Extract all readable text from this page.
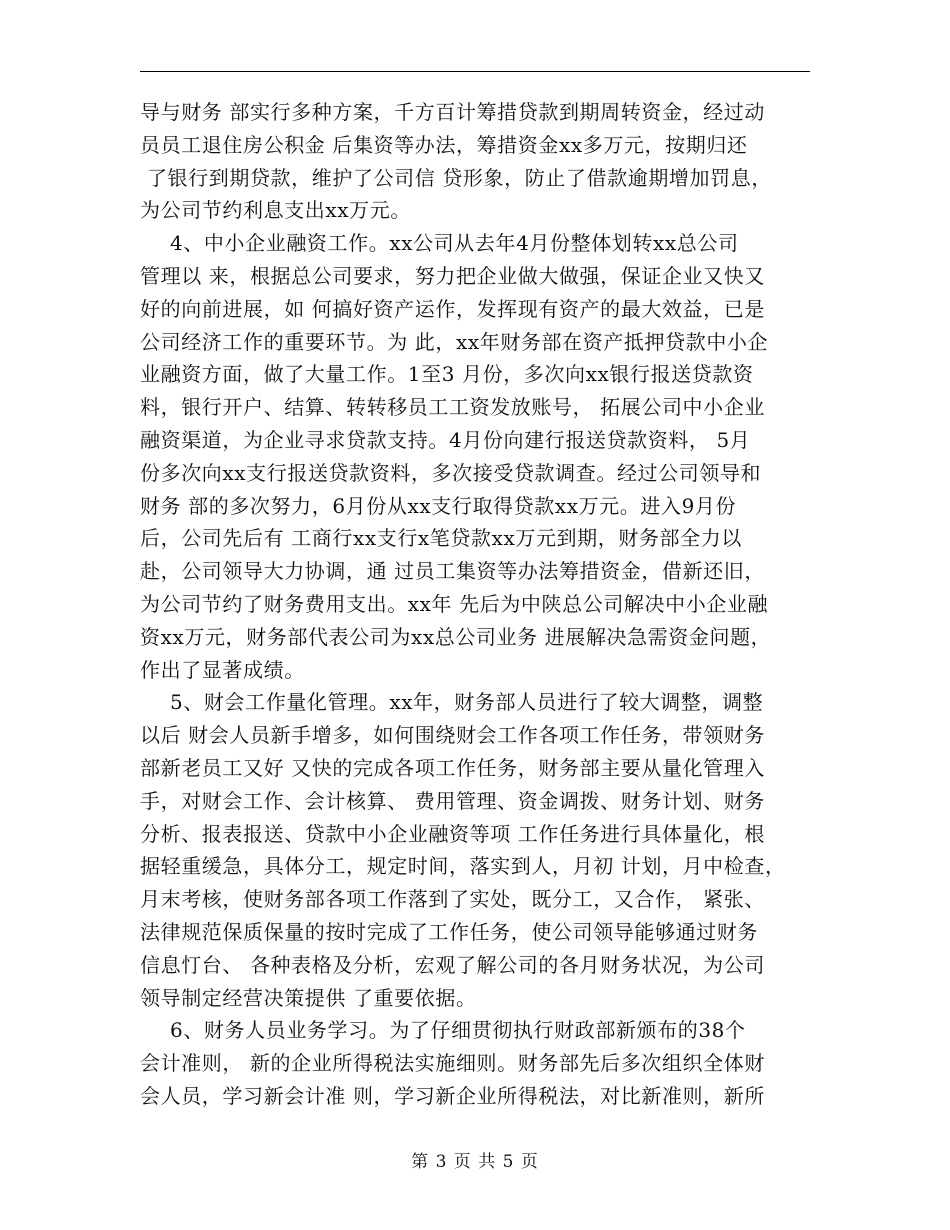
导与财务 部实行多种方案，千方百计筹措贷款到期周转资金，经过动
员员工退住房公积金 后集资等办法，筹措资金xx多万元，按期归还
了银行到期贷款，维护了公司信 贷形象，防止了借款逾期增加罚息，
为公司节约利息支出xx万元。
4、中小企业融资工作。xx公司从去年4月份整体划转xx总公司
管理以 来，根据总公司要求，努力把企业做大做强，保证企业又快又
好的向前进展，如 何搞好资产运作，发挥现有资产的最大效益，已是
公司经济工作的重要环节。为 此，xx年财务部在资产抵押贷款中小企
业融资方面，做了大量工作。1至3 月份，多次向xx银行报送贷款资
料，银行开户、结算、转转移员工工资发放账号， 拓展公司中小企业
融资渠道，为企业寻求贷款支持。4月份向建行报送贷款资料， 5月
份多次向xx支行报送贷款资料，多次接受贷款调查。经过公司领导和
财务 部的多次努力，6月份从xx支行取得贷款xx万元。进入9月份
后，公司先后有 工商行xx支行x笔贷款xx万元到期，财务部全力以
赴，公司领导大力协调，通 过员工集资等办法筹措资金，借新还旧，
为公司节约了财务费用支出。xx年 先后为中陕总公司解决中小企业融
资xx万元，财务部代表公司为xx总公司业务 进展解决急需资金问题，
作出了显著成绩。
5、财会工作量化管理。xx年，财务部人员进行了较大调整，调整
以后 财会人员新手增多，如何围绕财会工作各项工作任务，带领财务
部新老员工又好 又快的完成各项工作任务，财务部主要从量化管理入
手，对财会工作、会计核算、 费用管理、资金调拨、财务计划、财务
分析、报表报送、贷款中小企业融资等项 工作任务进行具体量化，根
据轻重缓急，具体分工，规定时间，落实到人，月初 计划，月中检查，
月末考核，使财务部各项工作落到了实处，既分工，又合作， 紧张、
法律规范保质保量的按时完成了工作任务，使公司领导能够通过财务
信息忊台、 各种表格及分析，宏观了解公司的各月财务状况，为公司
领导制定经营决策提供 了重要依据。
6、财务人员业务学习。为了仔细贯彻执行财政部新颁布的38个
会计准则， 新的企业所得税法实施细则。财务部先后多次组织全体财
会人员，学习新会计准 则，学习新企业所得税法，对比新准则，新所
第 3 页 共 5 页
